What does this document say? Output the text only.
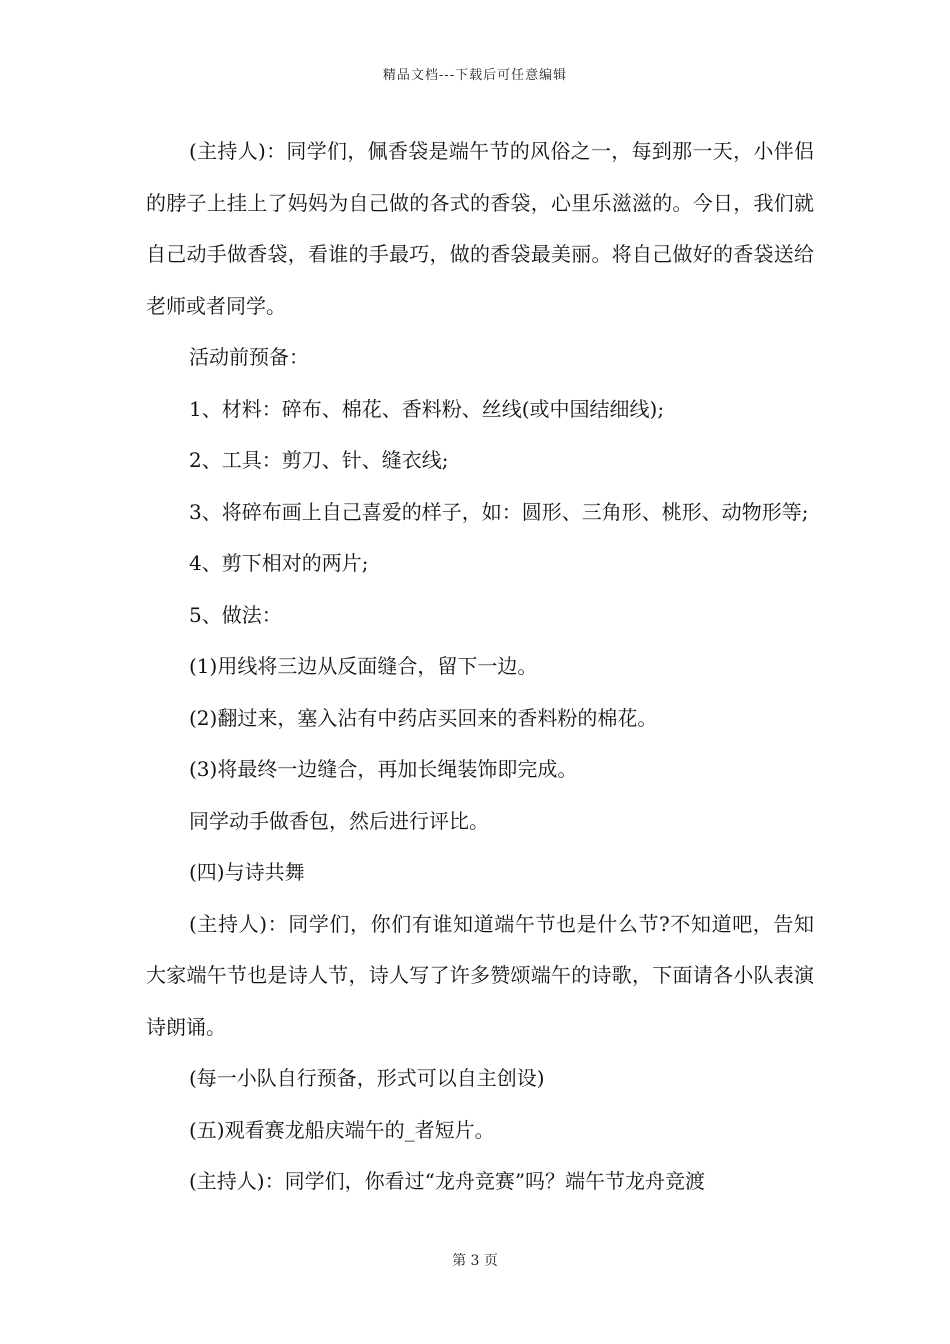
精品文档---下载后可任意编辑

(主持人)：同学们，佩香袋是端午节的风俗之一，每到那一天，小伴侣的脖子上挂上了妈妈为自己做的各式的香袋，心里乐滋滋的。今日，我们就自己动手做香袋，看谁的手最巧，做的香袋最美丽。将自己做好的香袋送给老师或者同学。

活动前预备：

1、材料：碎布、棉花、香料粉、丝线(或中国结细线);

2、工具：剪刀、针、缝衣线;

3、将碎布画上自己喜爱的样子，如：圆形、三角形、桃形、动物形等;

4、剪下相对的两片;

5、做法：

(1)用线将三边从反面缝合，留下一边。

(2)翻过来，塞入沾有中药店买回来的香料粉的棉花。

(3)将最终一边缝合，再加长绳装饰即完成。

同学动手做香包，然后进行评比。

(四)与诗共舞

(主持人)：同学们，你们有谁知道端午节也是什么节?不知道吧，告知大家端午节也是诗人节，诗人写了许多赞颂端午的诗歌，下面请各小队表演诗朗诵。

(每一小队自行预备，形式可以自主创设)

(五)观看赛龙船庆端午的_者短片。

(主持人)：同学们，你看过“龙舟竞赛”吗？端午节龙舟竞渡

第 3 页
